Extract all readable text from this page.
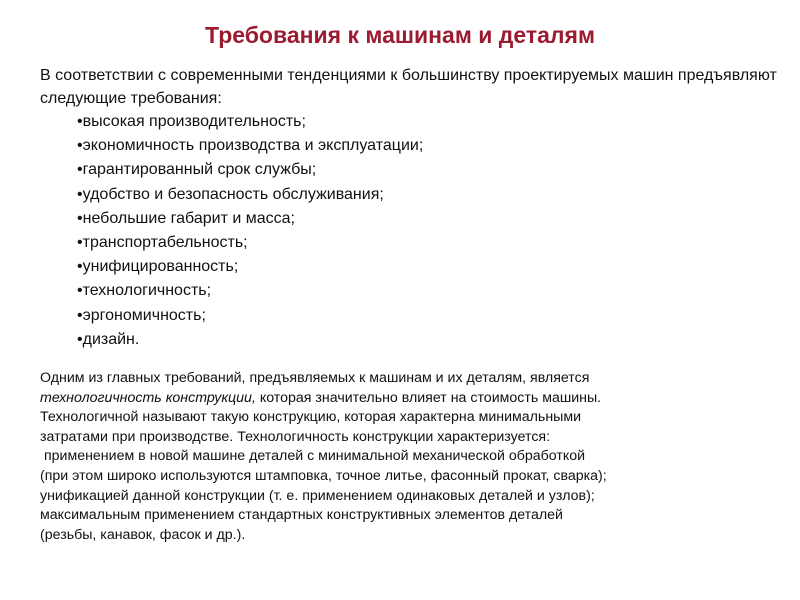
Требования к машинам и деталям
В соответствии с современными тенденциями к большинству проектируемых машин предъявляют следующие требования:
• высокая производительность;
• экономичность производства и эксплуатации;
• гарантированный срок службы;
• удобство и безопасность обслуживания;
• небольшие габарит и масса;
• транспортабельность;
• унифицированность;
• технологичность;
• эргономичность;
• дизайн.
Одним из главных требований, предъявляемых к машинам и их деталям, является
технологичность конструкции, которая значительно влияет на стоимость машины.
Технологичной называют такую конструкцию, которая характерна минимальными
затратами при производстве. Технологичность конструкции характеризуется:
применением в новой машине деталей с минимальной механической обработкой
(при этом широко используются штамповка, точное литье, фасонный прокат, сварка);
унификацией данной конструкции (т. е. применением одинаковых деталей и узлов);
максимальным применением стандартных конструктивных элементов деталей
(резьбы, канавок, фасок и др.).
